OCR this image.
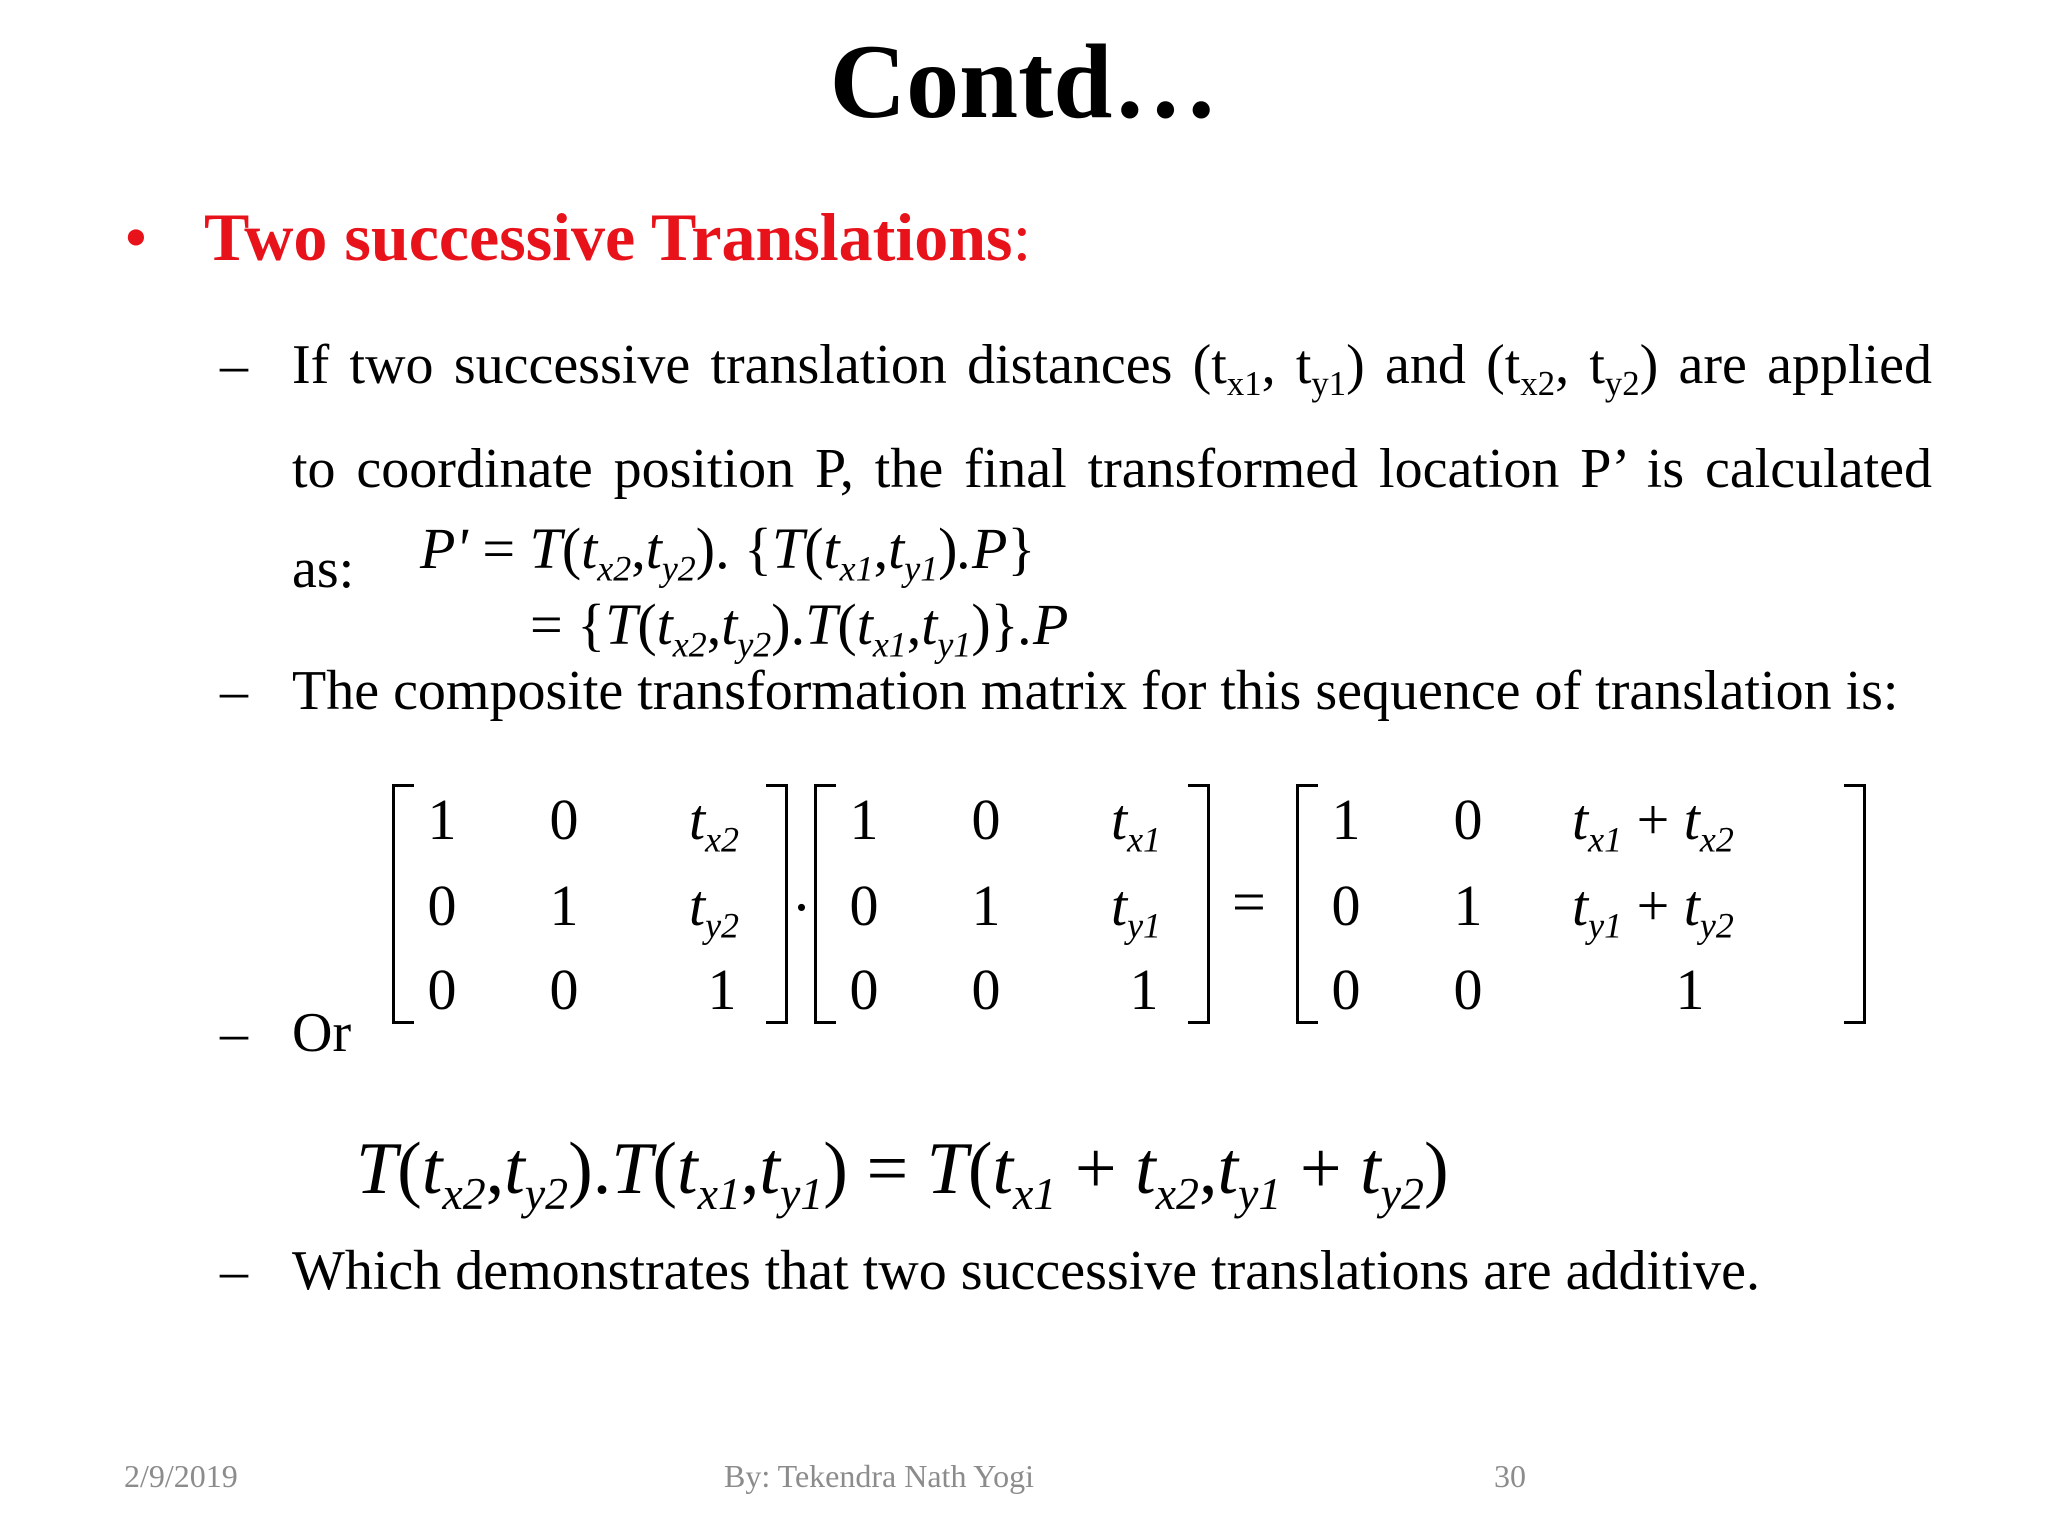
Contd…
• Two successive Translations:
– If two successive translation distances ($t_{x1}$, $t_{y1}$) and ($t_{x2}$, $t_{y2}$) are applied
to coordinate position P, the final transformed location P’ is calculated
as: $P' = T(t_{x2},t_{y2})$. $\{T(t_{x1},t_{y1}).P\}$
= $\{T(t_{x2},t_{y2}).T(t_{x1},t_{y1})\}.P$
– The composite transformation matrix for this sequence of translation is:
1 0	$t_{x2}$
0 1	$t_{y2}$
0 0 1
.
1 0	$t_{x1}$
0 1	$t_{y1}$
0 0 1
=
1 0 $t_{x1} + t_{x2}$
0 1 $t_{y1} + t_{y2}$
0 0	1
– Or
$T(t_{x2},t_{y2}).T(t_{x1},t_{y1}) = T(t_{x1} + t_{x2},t_{y1} + t_{y2})$
– Which demonstrates that two successive translations are additive.
2/9/2019	By: Tekendra Nath Yogi	30
